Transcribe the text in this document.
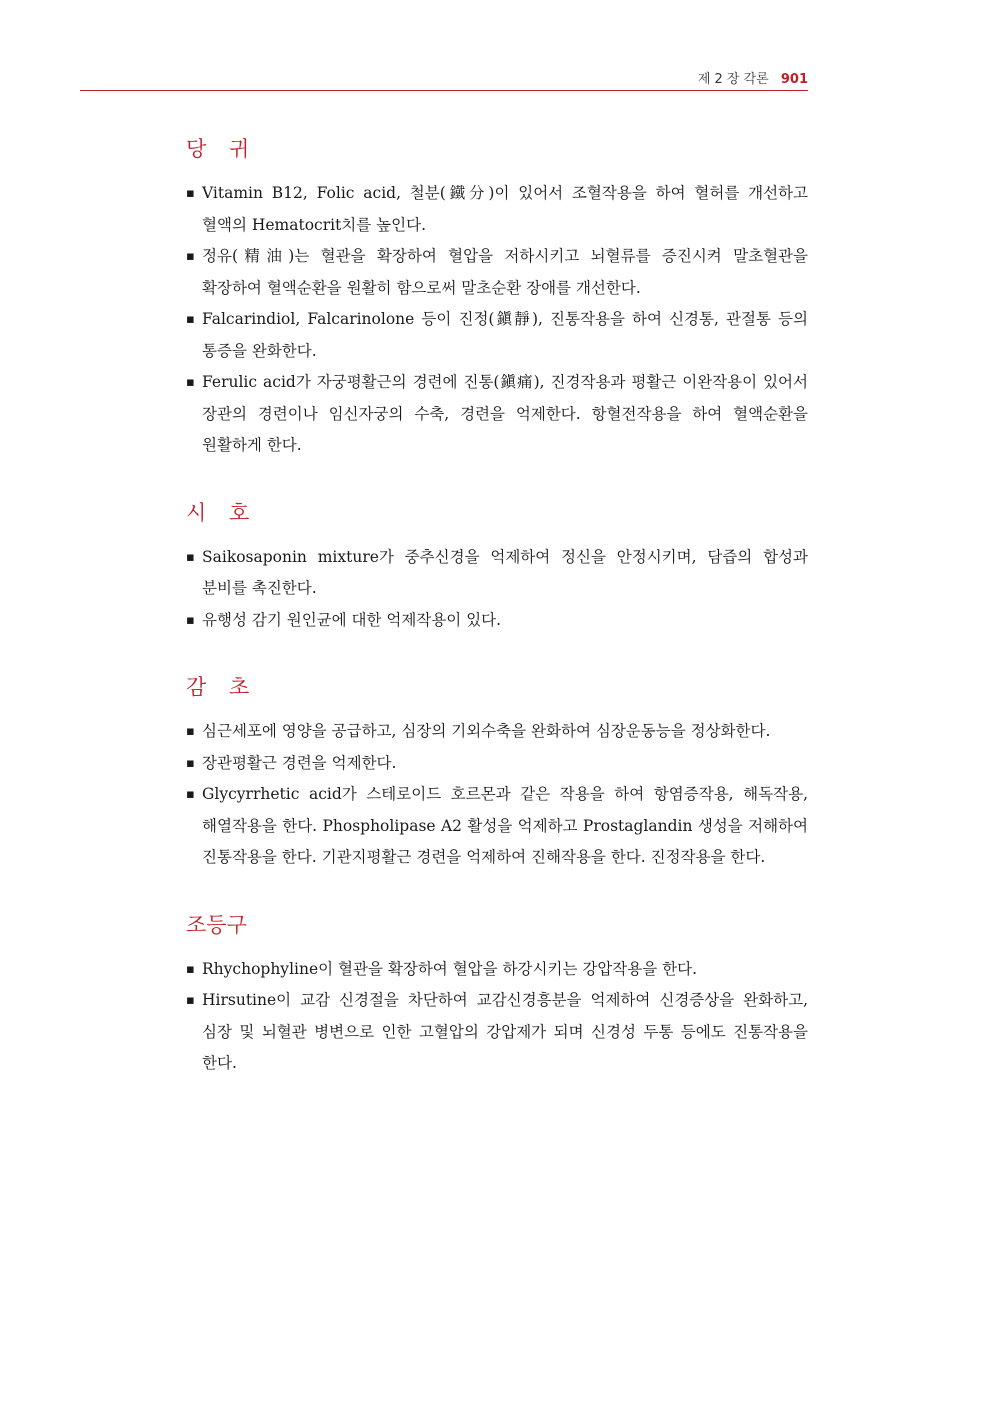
제 2 장 각론 901
당 귀
▪ Vitamin B12, Folic acid, 철분(鐵分)이 있어서 조혈작용을 하여 혈허를 개선하고 혈액의 Hematocrit치를 높인다.
▪ 정유(精油)는 혈관을 확장하여 혈압을 저하시키고 뇌혈류를 증진시켜 말초혈관을 확장하여 혈액순환을 원활히 함으로써 말초순환 장애를 개선한다.
▪ Falcarindiol, Falcarinolone 등이 진정(鎭靜), 진통작용을 하여 신경통, 관절통 등의 통증을 완화한다.
▪ Ferulic acid가 자궁평활근의 경련에 진통(鎭痛), 진경작용과 평활근 이완작용이 있어서 장관의 경련이나 임신자궁의 수축, 경련을 억제한다. 항혈전작용을 하여 혈액순환을 원활하게 한다.
시 호
▪ Saikosaponin mixture가 중추신경을 억제하여 정신을 안정시키며, 담즙의 합성과 분비를 촉진한다.
▪ 유행성 감기 원인균에 대한 억제작용이 있다.
감 초
▪ 심근세포에 영양을 공급하고, 심장의 기외수축을 완화하여 심장운동능을 정상화한다.
▪ 장관평활근 경련을 억제한다.
▪ Glycyrrhetic acid가 스테로이드 호르몬과 같은 작용을 하여 항염증작용, 해독작용, 해열작용을 한다. Phospholipase A2 활성을 억제하고 Prostaglandin 생성을 저해하여 진통작용을 한다. 기관지평활근 경련을 억제하여 진해작용을 한다. 진정작용을 한다.
조등구
▪ Rhychophyline이 혈관을 확장하여 혈압을 하강시키는 강압작용을 한다.
▪ Hirsutine이 교감 신경절을 차단하여 교감신경흥분을 억제하여 신경증상을 완화하고, 심장 및 뇌혈관 병변으로 인한 고혈압의 강압제가 되며 신경성 두통 등에도 진통작용을 한다.
